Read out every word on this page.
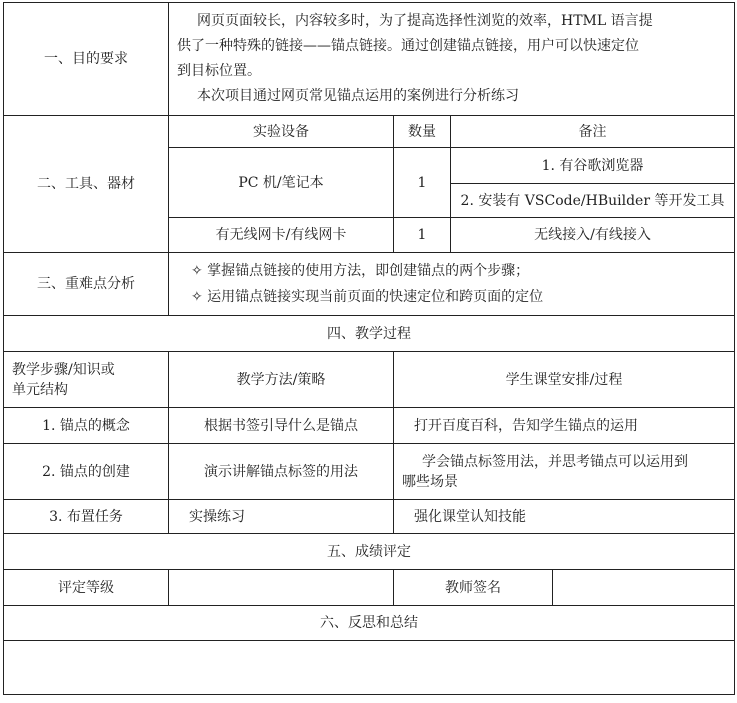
一、目的要求	网页页面较长，内容较多时，为了提高选择性浏览的效率，HTML 语言提

供了一种特殊的链接——锚点链接。通过创建锚点链接，用户可以快速定位

到目标位置。

本次项目通过网页常见锚点运用的案例进行分析练习			

二、工具、器材	实验设备	数量	备注	
	PC 机/笔记本	1	1. 有谷歌浏览器	
			2. 安装有 VSCode/HBuilder 等开发工具	
	有无线网卡/有线网卡	1	无线接入/有线接入	
三、重难点分析	✧ 掌握锚点链接的使用方法，即创建锚点的两个步骤；

✧ 运用锚点链接实现当前页面的快速定位和跨页面的定位			

四、教学过程				

教学步骤/知识或
单元结构	教学方法/策略	学生课堂安排/过程		
1. 锚点的概念	根据书签引导什么是锚点	打开百度百科，告知学生锚点的运用		
2. 锚点的创建	演示讲解锚点标签的用法	学会锚点标签用法，并思考锚点可以运用到
哪些场景		

3. 布置任务	实操练习	强化课堂认知技能		
五、成绩评定				
评定等级		教师签名		
六、反思和总结				
